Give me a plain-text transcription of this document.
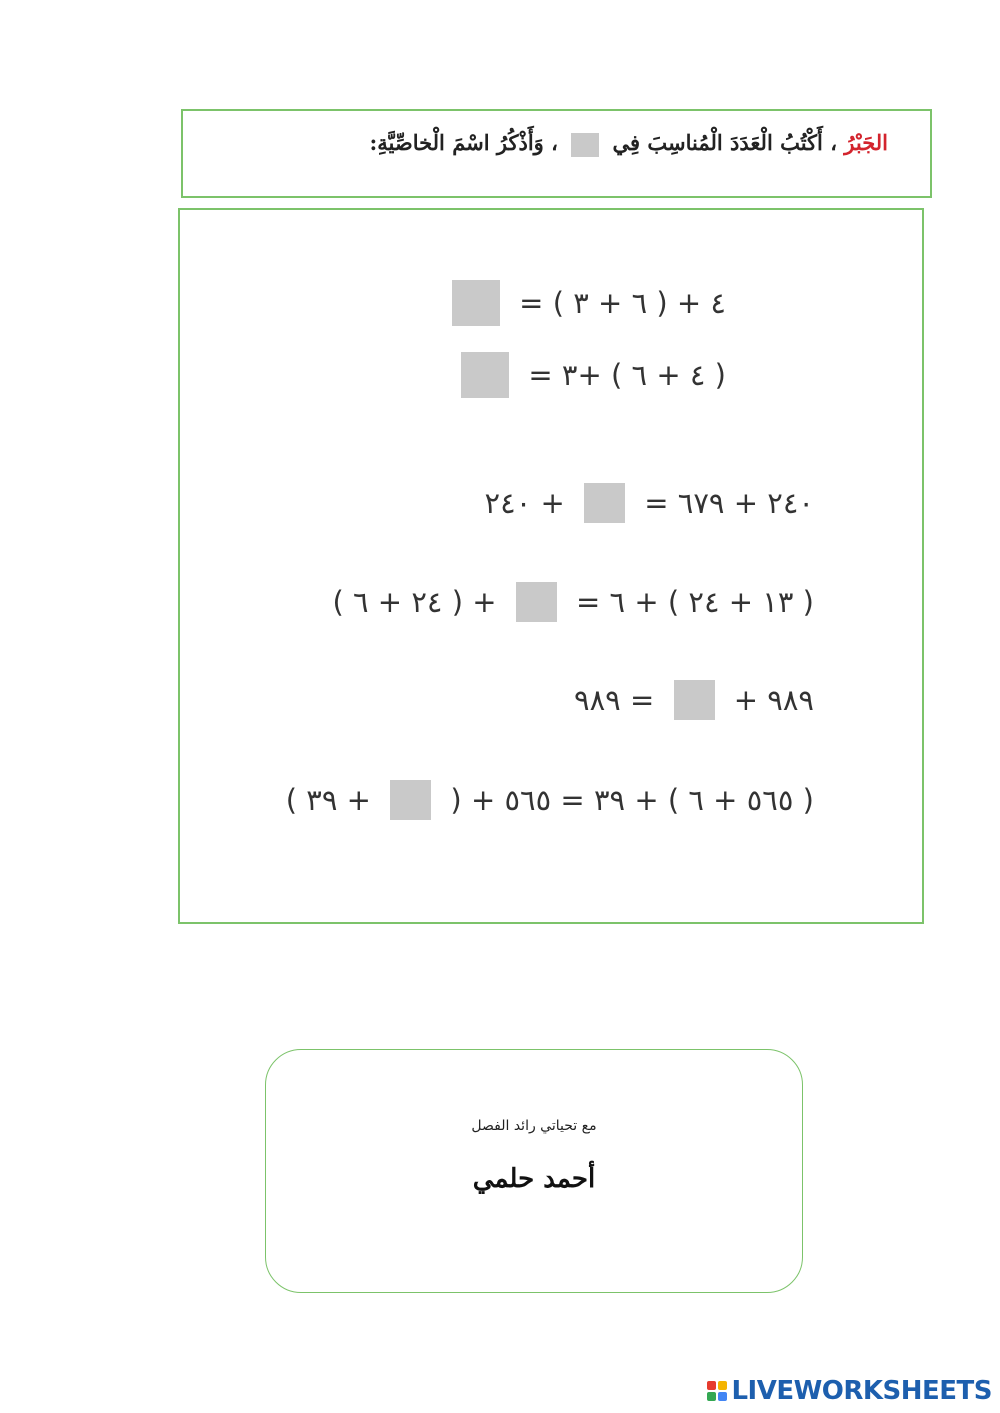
الجَبْرُ ، أَكْتُبُ الْعَدَدَ الْمُناسِبَ فِي  ، وَأَذْكُرُ اسْمَ الْخاصِّيَّةِ:
٤ + ( ٦ + ٣ ) =
( ٤ + ٦ ) +٣ =
٢٤٠ + ٦٧٩ =  + ٢٤٠
( ١٣ + ٢٤ ) + ٦ =  + ( ٢٤ + ٦ )
٩٨٩ +  = ٩٨٩
( ٥٦٥ + ٦ ) + ٣٩ = ٥٦٥ + (  + ٣٩ )
مع تحياتي رائد الفصل
أحمد حلمي
LIVEWORKSHEETS
